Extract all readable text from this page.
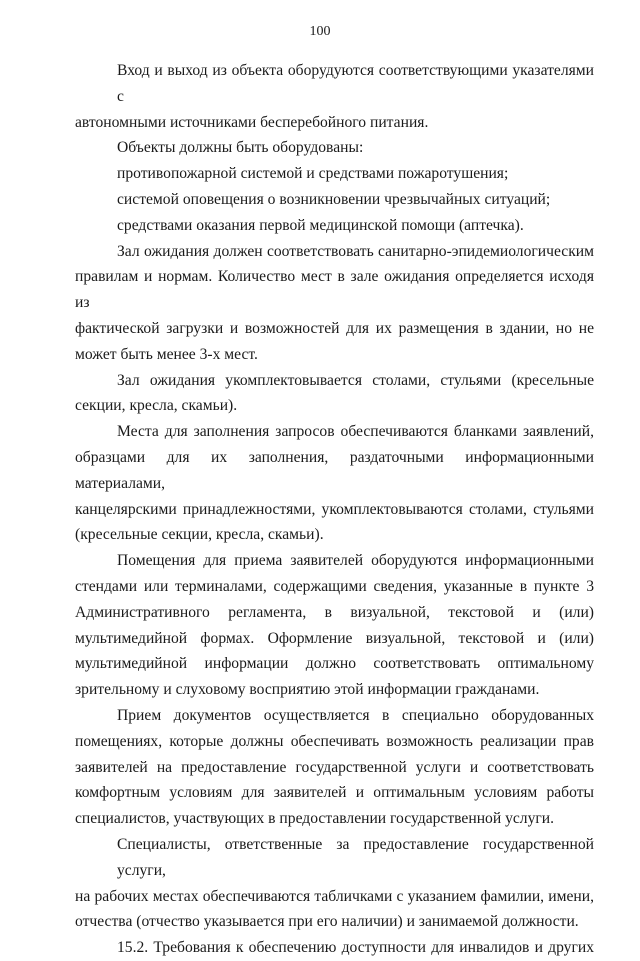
100
Вход и выход из объекта оборудуются соответствующими указателями с
автономными источниками бесперебойного питания.
Объекты должны быть оборудованы:
противопожарной системой и средствами пожаротушения;
системой оповещения о возникновении чрезвычайных ситуаций;
средствами оказания первой медицинской помощи (аптечка).
Зал ожидания должен соответствовать санитарно-эпидемиологическим
правилам и нормам. Количество мест в зале ожидания определяется исходя из
фактической загрузки и возможностей для их размещения в здании, но не
может быть менее 3-х мест.
Зал ожидания укомплектовывается столами, стульями (кресельные
секции, кресла, скамьи).
Места для заполнения запросов обеспечиваются бланками заявлений,
образцами для их заполнения, раздаточными информационными материалами,
канцелярскими принадлежностями, укомплектовываются столами, стульями
(кресельные секции, кресла, скамьи).
Помещения для приема заявителей оборудуются информационными
стендами или терминалами, содержащими сведения, указанные в пункте 3
Административного регламента, в визуальной, текстовой и (или)
мультимедийной формах. Оформление визуальной, текстовой и (или)
мультимедийной информации должно соответствовать оптимальному
зрительному и слуховому восприятию этой информации гражданами.
Прием документов осуществляется в специально оборудованных
помещениях, которые должны обеспечивать возможность реализации прав
заявителей на предоставление государственной услуги и соответствовать
комфортным условиям для заявителей и оптимальным условиям работы
специалистов, участвующих в предоставлении государственной услуги.
Специалисты, ответственные за предоставление государственной услуги,
на рабочих местах обеспечиваются табличками с указанием фамилии, имени,
отчества (отчество указывается при его наличии) и занимаемой должности.
15.2. Требования к обеспечению доступности для инвалидов и других
